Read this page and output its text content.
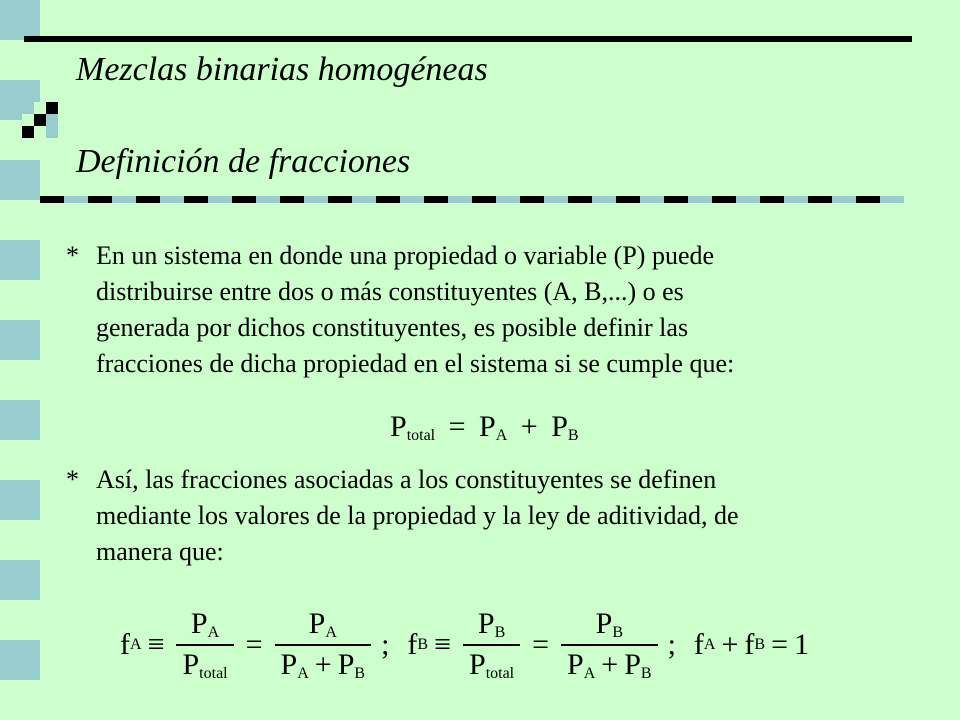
Mezclas binarias homogéneas
Definición de fracciones
* En un sistema en donde una propiedad o variable (P) puede
distribuirse entre dos o más constituyentes (A, B,...) o es
generada por dichos constituyentes, es posible definir las
fracciones de dicha propiedad en el sistema si se cumple que:
$P_{total} = P_A + P_B$
* Así, las fracciones asociadas a los constituyentes se definen
mediante los valores de la propiedad y la ley de aditividad, de
manera que:
f $A \equiv \frac{P_A}{P_{total}} = \frac{P_A}{P_A + P_B}$ ; f $B \equiv \frac{P_B}{P_{total}} = \frac{P_B}{P_A + P_B}$ ; f A + f B = 1
